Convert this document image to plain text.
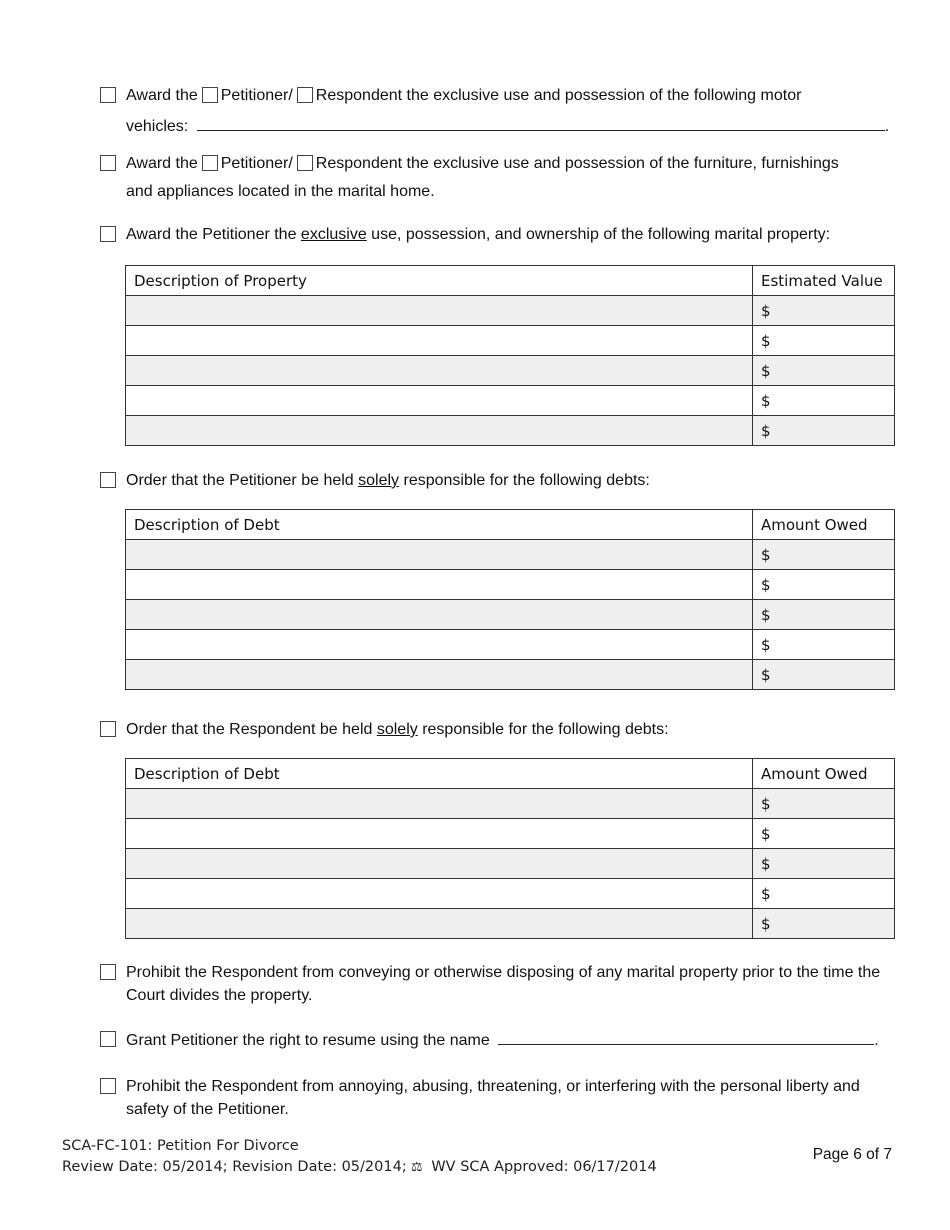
Award the Petitioner/ Respondent the exclusive use and possession of the following motor
vehicles:	.
Award the Petitioner/ Respondent the exclusive use and possession of the furniture, furnishings
and appliances located in the marital home.
Award the Petitioner the exclusive use, possession, and ownership of the following marital property:
Description of Property	Estimated Value
	$
	$
	$
	$
	$
Order that the Petitioner be held solely responsible for the following debts:
Description of Debt	Amount Owed
	$
	$
	$
	$
	$
Order that the Respondent be held solely responsible for the following debts:
Description of Debt	Amount Owed
	$
	$
	$
	$
	$
Prohibit the Respondent from conveying or otherwise disposing of any marital property prior to the time the Court divides the property.
Grant Petitioner the right to resume using the name	.
Prohibit the Respondent from annoying, abusing, threatening, or interfering with the personal liberty and safety of the Petitioner.
SCA-FC-101: Petition For Divorce
Review Date: 05/2014; Revision Date: 05/2014; ⚖ WV SCA Approved: 06/17/2014
Page 6 of 7
